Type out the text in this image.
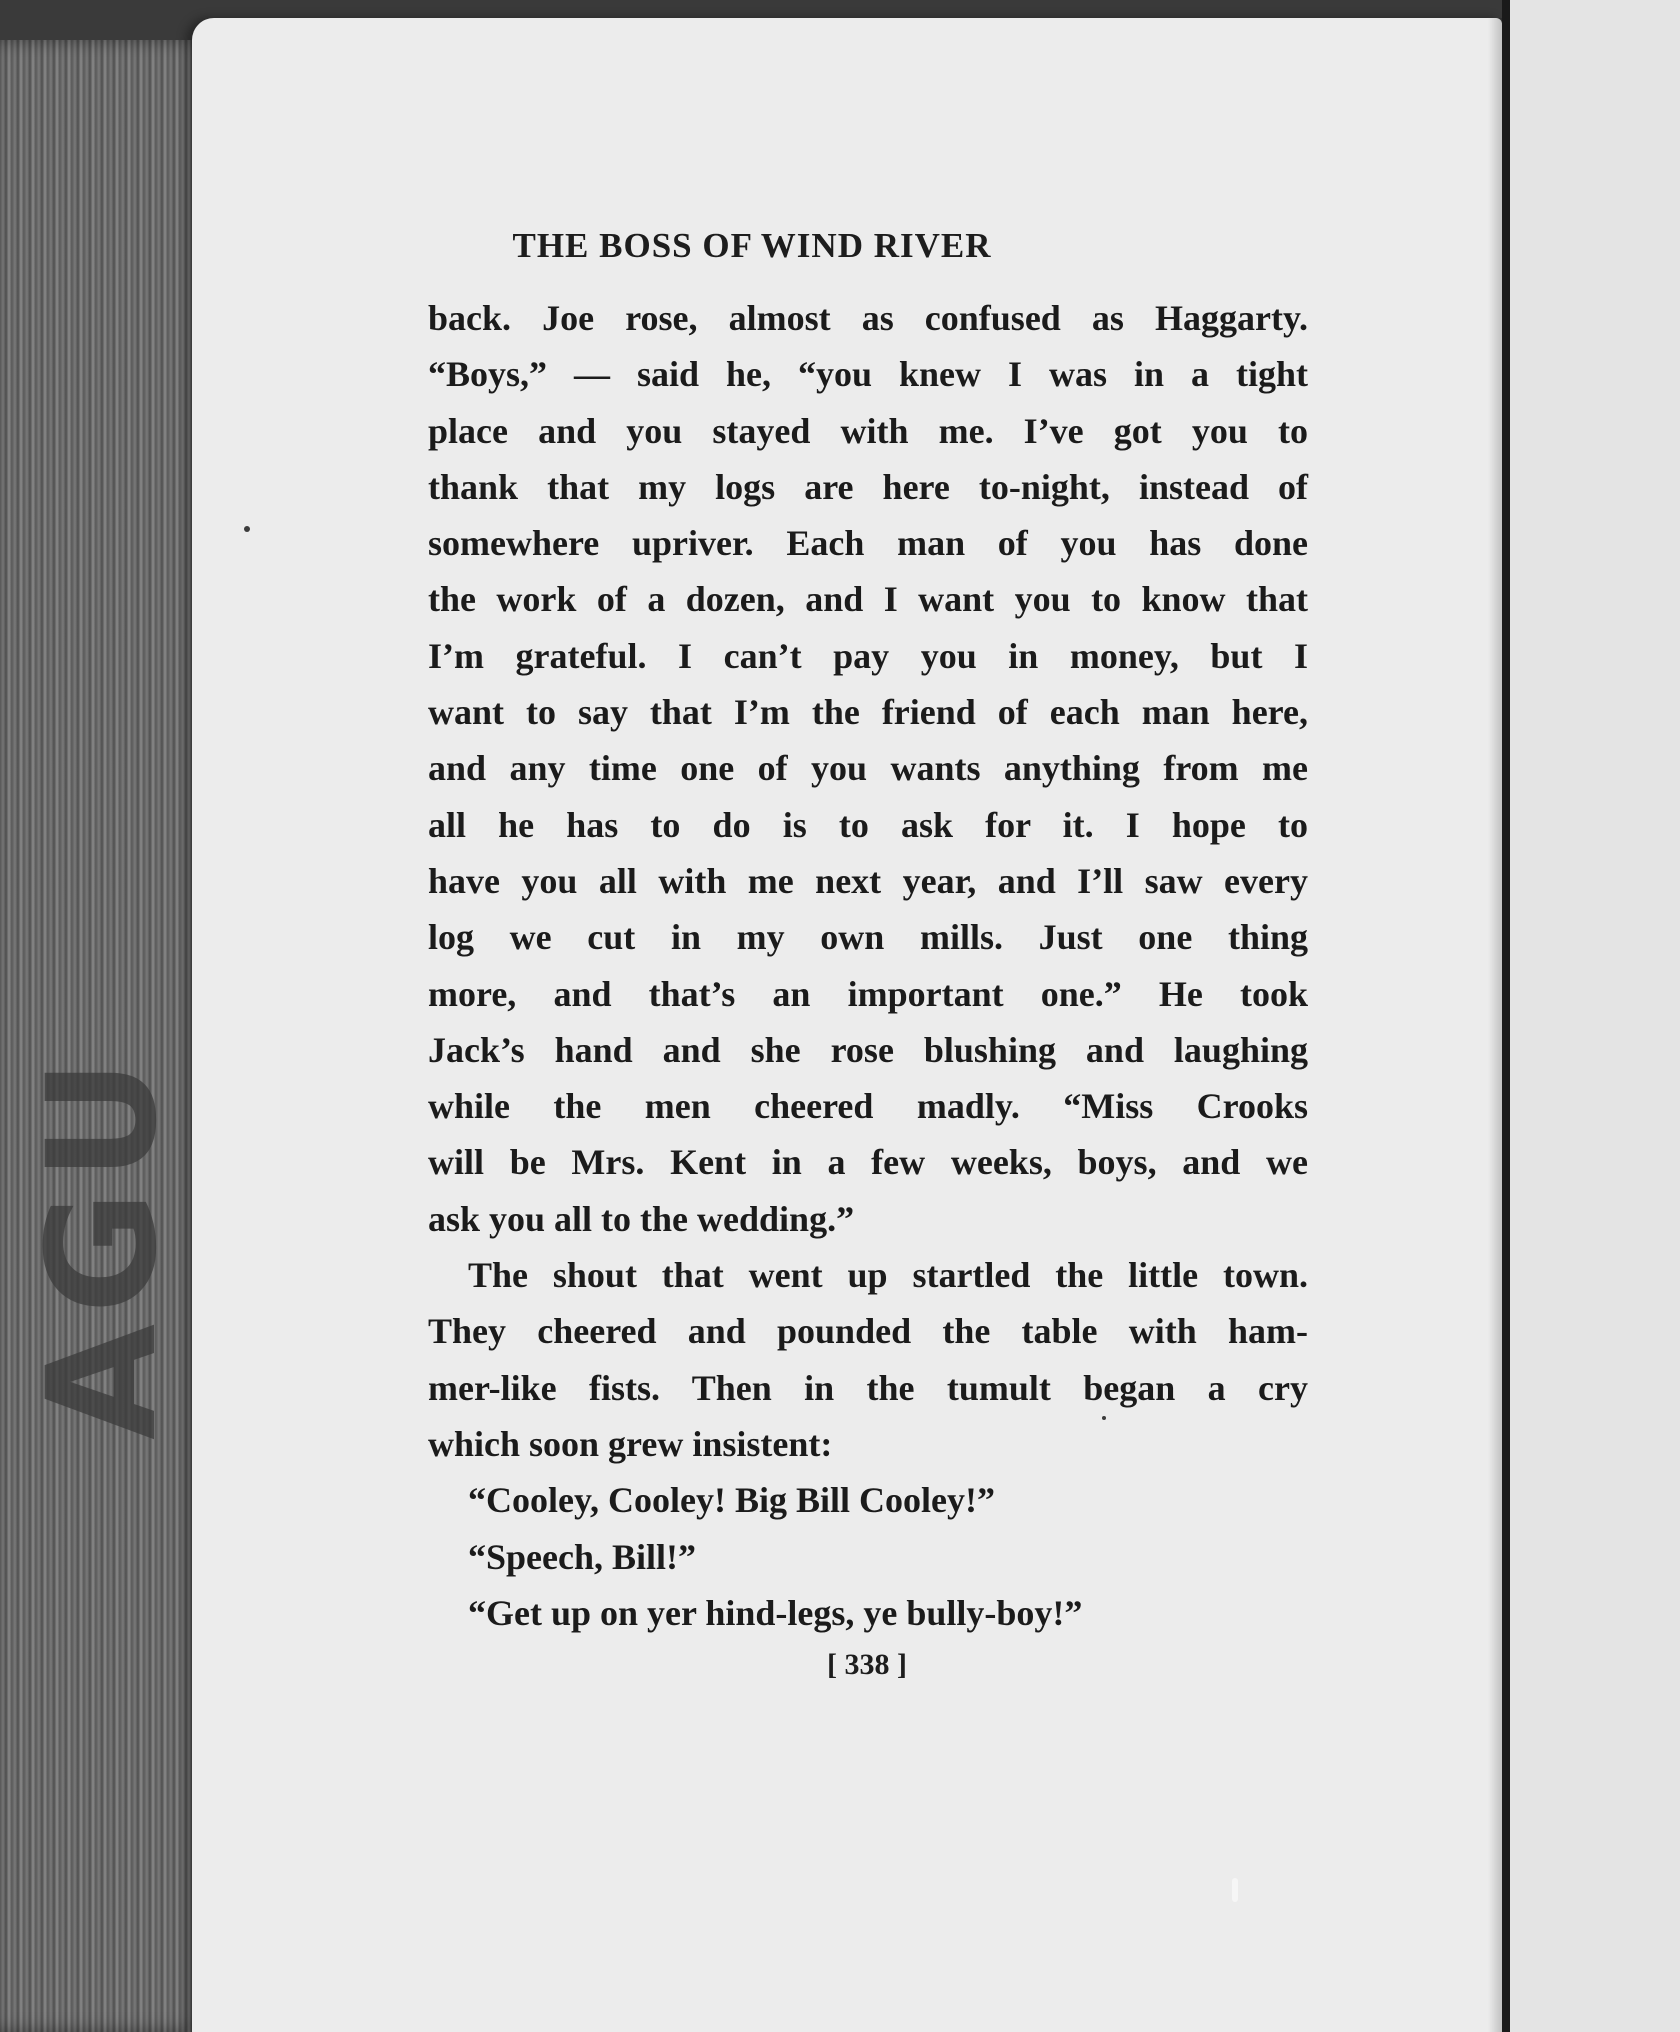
AGU
THE BOSS OF WIND RIVER
back. Joe rose, almost as confused as Haggarty.
“Boys,” — said he, “you knew I was in a tight
place and you stayed with me. I’ve got you to
thank that my logs are here to-night, instead of
somewhere upriver. Each man of you has done
the work of a dozen, and I want you to know that
I’m grateful. I can’t pay you in money, but I
want to say that I’m the friend of each man here,
and any time one of you wants anything from me
all he has to do is to ask for it. I hope to
have you all with me next year, and I’ll saw every
log we cut in my own mills. Just one thing
more, and that’s an important one.” He took
Jack’s hand and she rose blushing and laughing
while the men cheered madly. “Miss Crooks
will be Mrs. Kent in a few weeks, boys, and we
ask you all to the wedding.”
The shout that went up startled the little town.
They cheered and pounded the table with ham-
mer-like fists. Then in the tumult began a cry
which soon grew insistent:
“Cooley, Cooley! Big Bill Cooley!”
“Speech, Bill!”
“Get up on yer hind-legs, ye bully-boy!”
[ 338 ]
